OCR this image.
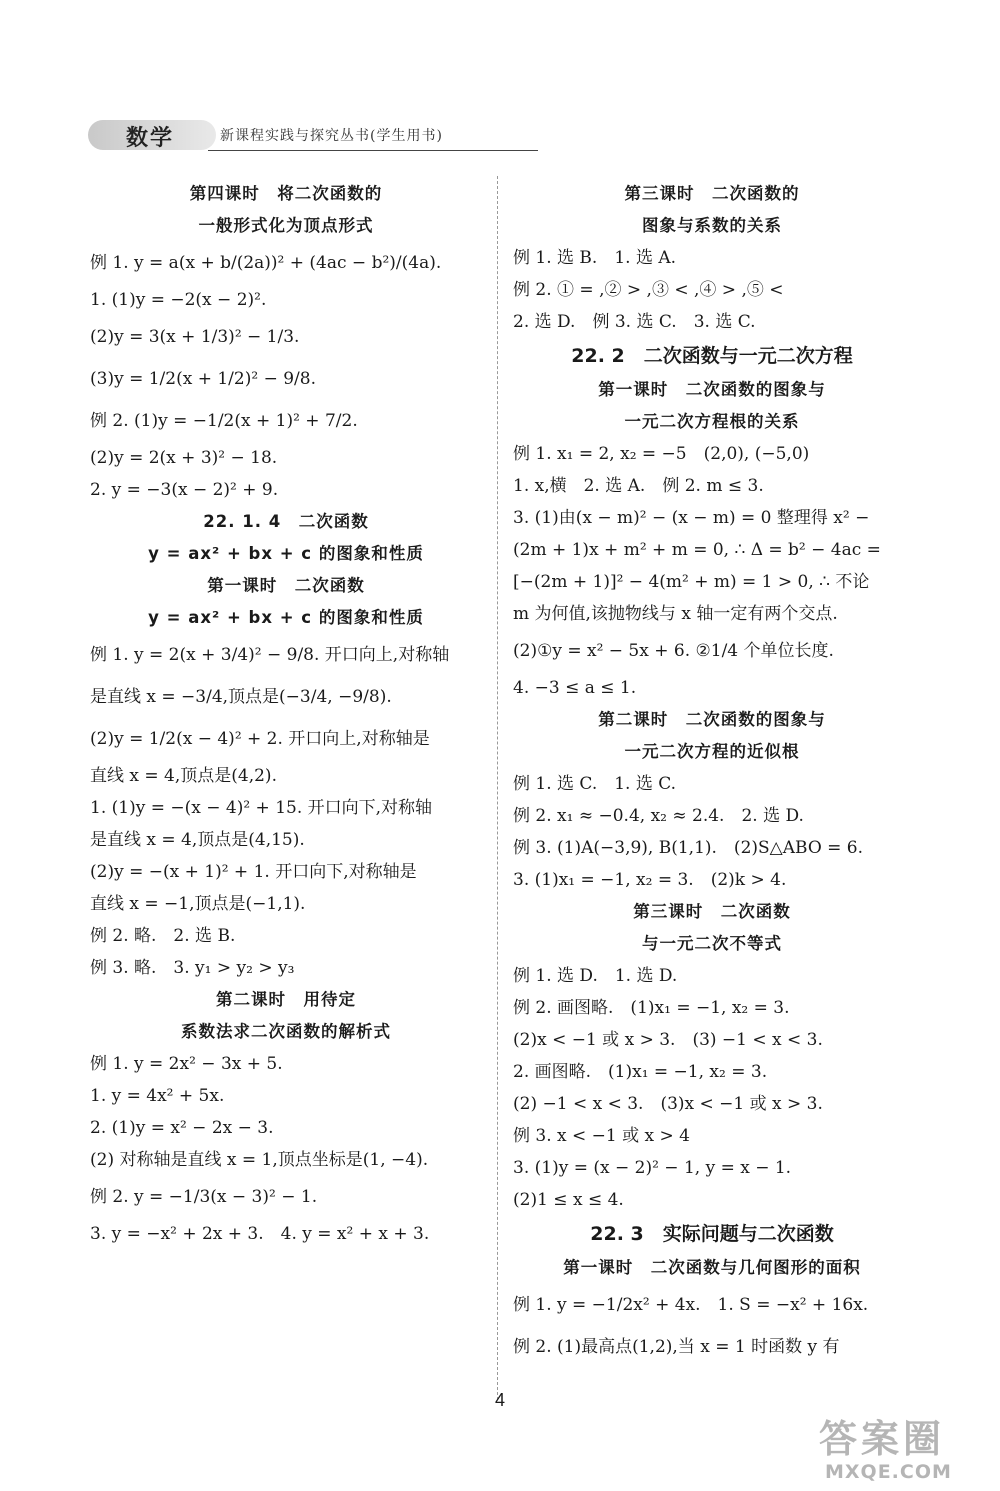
数学	新课程实践与探究丛书(学生用书)
第四课时　将二次函数的
一般形式化为顶点形式
例 1. y = a(x + b/(2a))² + (4ac − b²)/(4a).
1. (1)y = −2(x − 2)².
(2)y = 3(x + 1/3)² − 1/3.
(3)y = 1/2(x + 1/2)² − 9/8.
例 2. (1)y = −1/2(x + 1)² + 7/2.
(2)y = 2(x + 3)² − 18.
2. y = −3(x − 2)² + 9.
22. 1. 4　二次函数
y = ax² + bx + c 的图象和性质
第一课时　二次函数
y = ax² + bx + c 的图象和性质
例 1. y = 2(x + 3/4)² − 9/8. 开口向上,对称轴
是直线 x = −3/4,顶点是(−3/4, −9/8).
(2)y = 1/2(x − 4)² + 2. 开口向上,对称轴是
直线 x = 4,顶点是(4,2).
1. (1)y = −(x − 4)² + 15. 开口向下,对称轴
是直线 x = 4,顶点是(4,15).
(2)y = −(x + 1)² + 1. 开口向下,对称轴是
直线 x = −1,顶点是(−1,1).
例 2. 略.　2. 选 B.
例 3. 略.　3. y₁ > y₂ > y₃
第二课时　用待定
系数法求二次函数的解析式
例 1. y = 2x² − 3x + 5.
1. y = 4x² + 5x.
2. (1)y = x² − 2x − 3.
(2) 对称轴是直线 x = 1,顶点坐标是(1, −4).
例 2. y = −1/3(x − 3)² − 1.
3. y = −x² + 2x + 3.　4. y = x² + x + 3.
第三课时　二次函数的
图象与系数的关系
例 1. 选 B.　1. 选 A.
例 2. ① = ,② > ,③ < ,④ > ,⑤ <
2. 选 D.　例 3. 选 C.　3. 选 C.
22. 2　二次函数与一元二次方程
第一课时　二次函数的图象与
一元二次方程根的关系
例 1. x₁ = 2, x₂ = −5　(2,0), (−5,0)
1. x,横　2. 选 A.　例 2. m ≤ 3.
3. (1)由(x − m)² − (x − m) = 0 整理得 x² −
(2m + 1)x + m² + m = 0, ∴ Δ = b² − 4ac =
[−(2m + 1)]² − 4(m² + m) = 1 > 0, ∴ 不论
m 为何值,该抛物线与 x 轴一定有两个交点.
(2)①y = x² − 5x + 6. ②1/4 个单位长度.
4. −3 ≤ a ≤ 1.
第二课时　二次函数的图象与
一元二次方程的近似根
例 1. 选 C.　1. 选 C.
例 2. x₁ ≈ −0.4, x₂ ≈ 2.4.　2. 选 D.
例 3. (1)A(−3,9), B(1,1).　(2)S△ABO = 6.
3. (1)x₁ = −1, x₂ = 3.　(2)k > 4.
第三课时　二次函数
与一元二次不等式
例 1. 选 D.　1. 选 D.
例 2. 画图略.　(1)x₁ = −1, x₂ = 3.
(2)x < −1 或 x > 3.　(3) −1 < x < 3.
2. 画图略.　(1)x₁ = −1, x₂ = 3.
(2) −1 < x < 3.　(3)x < −1 或 x > 3.
例 3. x < −1 或 x > 4
3. (1)y = (x − 2)² − 1, y = x − 1.
(2)1 ≤ x ≤ 4.
22. 3　实际问题与二次函数
第一课时　二次函数与几何图形的面积
例 1. y = −1/2x² + 4x.　1. S = −x² + 16x.
例 2. (1)最高点(1,2),当 x = 1 时函数 y 有
4
答案圈
MXQE.COM
